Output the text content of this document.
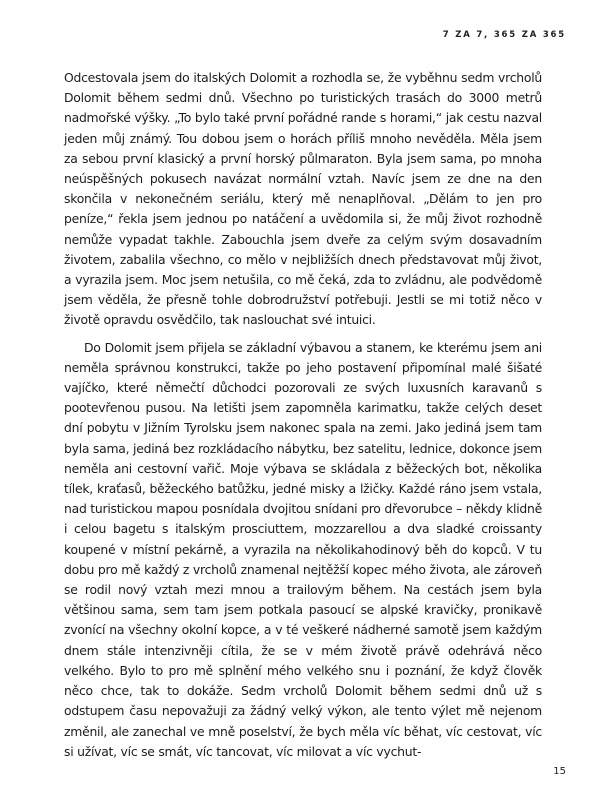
7 ZA 7, 365 ZA 365

Odcestovala jsem do italských Dolomit a rozhodla se, že vyběhnu sedm vrcholů Dolomit během sedmi dnů. Všechno po turistických trasách do 3000 metrů nadmořské výšky. „To bylo také první pořádné rande s horami,“ jak cestu nazval jeden můj známý. Tou dobou jsem o horách příliš mnoho nevěděla. Měla jsem za sebou první klasický a první horský půlmaraton. Byla jsem sama, po mnoha neúspěšných pokusech navázat normální vztah. Navíc jsem ze dne na den skončila v nekonečném seriálu, který mě nenaplňoval. „Dělám to jen pro peníze,“ řekla jsem jednou po natáčení a uvědomila si, že můj život rozhodně nemůže vypadat takhle. Zabouchla jsem dveře za celým svým dosavadním životem, zabalila všechno, co mělo v nejbližších dnech představovat můj život, a vyrazila jsem. Moc jsem netušila, co mě čeká, zda to zvládnu, ale podvědomě jsem věděla, že přesně tohle dobrodružství potřebuji. Jestli se mi totiž něco v životě opravdu osvědčilo, tak naslouchat své intuici.

Do Dolomit jsem přijela se základní výbavou a stanem, ke kterému jsem ani neměla správnou konstrukci, takže po jeho postavení připomínal malé šišaté vajíčko, které němečtí důchodci pozorovali ze svých luxusních karavanů s pootevřenou pusou. Na letišti jsem zapomněla karimatku, takže celých deset dní pobytu v Jižním Tyrolsku jsem nakonec spala na zemi. Jako jediná jsem tam byla sama, jediná bez rozkládacího nábytku, bez satelitu, lednice, dokonce jsem neměla ani cestovní vařič. Moje výbava se skládala z běžeckých bot, několika tílek, kraťasů, běžeckého batůžku, jedné misky a lžičky. Každé ráno jsem vstala, nad turistickou mapou posnídala dvojitou snídani pro dřevorubce – někdy klidně i celou bagetu s italským prosciuttem, mozzarellou a dva sladké croissanty koupené v místní pekárně, a vyrazila na několikahodinový běh do kopců. V tu dobu pro mě každý z vrcholů znamenal nejtěžší kopec mého života, ale zároveň se rodil nový vztah mezi mnou a trailovým během. Na cestách jsem byla většinou sama, sem tam jsem potkala pasoucí se alpské kravičky, pronikavě zvonící na všechny okolní kopce, a v té veškeré nádherné samotě jsem každým dnem stále intenzivněji cítila, že se v mém životě právě odehrává něco velkého. Bylo to pro mě splnění mého velkého snu i poznání, že když člověk něco chce, tak to dokáže. Sedm vrcholů Dolomit během sedmi dnů už s odstupem času nepovažuji za žádný velký výkon, ale tento výlet mě nejenom změnil, ale zanechal ve mně poselství, že bych měla víc běhat, víc cestovat, víc si užívat, víc se smát, víc tancovat, víc milovat a víc vychut-

15
